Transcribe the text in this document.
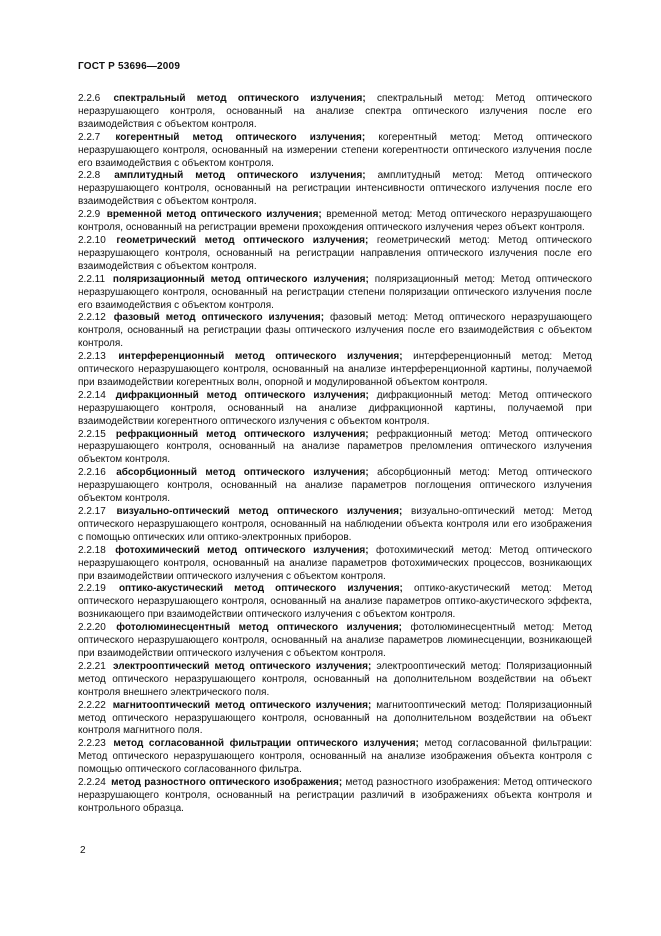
ГОСТ Р 53696—2009

2.2.6 спектральный метод оптического излучения; спектральный метод: Метод оптического неразрушающего контроля, основанный на анализе спектра оптического излучения после его взаимодействия с объектом контроля.

2.2.7 когерентный метод оптического излучения; когерентный метод: Метод оптического неразрушающего контроля, основанный на измерении степени когерентности оптического излучения после его взаимодействия с объектом контроля.

2.2.8 амплитудный метод оптического излучения; амплитудный метод: Метод оптического неразрушающего контроля, основанный на регистрации интенсивности оптического излучения после его взаимодействия с объектом контроля.

2.2.9 временной метод оптического излучения; временной метод: Метод оптического неразрушающего контроля, основанный на регистрации времени прохождения оптического излучения через объект контроля.

2.2.10 геометрический метод оптического излучения; геометрический метод: Метод оптического неразрушающего контроля, основанный на регистрации направления оптического излучения после его взаимодействия с объектом контроля.

2.2.11 поляризационный метод оптического излучения; поляризационный метод: Метод оптического неразрушающего контроля, основанный на регистрации степени поляризации оптического излучения после его взаимодействия с объектом контроля.

2.2.12 фазовый метод оптического излучения; фазовый метод: Метод оптического неразрушающего контроля, основанный на регистрации фазы оптического излучения после его взаимодействия с объектом контроля.

2.2.13 интерференционный метод оптического излучения; интерференционный метод: Метод оптического неразрушающего контроля, основанный на анализе интерференционной картины, получаемой при взаимодействии когерентных волн, опорной и модулированной объектом контроля.

2.2.14 дифракционный метод оптического излучения; дифракционный метод: Метод оптического неразрушающего контроля, основанный на анализе дифракционной картины, получаемой при взаимодействии когерентного оптического излучения с объектом контроля.

2.2.15 рефракционный метод оптического излучения; рефракционный метод: Метод оптического неразрушающего контроля, основанный на анализе параметров преломления оптического излучения объектом контроля.

2.2.16 абсорбционный метод оптического излучения; абсорбционный метод: Метод оптического неразрушающего контроля, основанный на анализе параметров поглощения оптического излучения объектом контроля.

2.2.17 визуально-оптический метод оптического излучения; визуально-оптический метод: Метод оптического неразрушающего контроля, основанный на наблюдении объекта контроля или его изображения с помощью оптических или оптико-электронных приборов.

2.2.18 фотохимический метод оптического излучения; фотохимический метод: Метод оптического неразрушающего контроля, основанный на анализе параметров фотохимических процессов, возникающих при взаимодействии оптического излучения с объектом контроля.

2.2.19 оптико-акустический метод оптического излучения; оптико-акустический метод: Метод оптического неразрушающего контроля, основанный на анализе параметров оптико-акустического эффекта, возникающего при взаимодействии оптического излучения с объектом контроля.

2.2.20 фотолюминесцентный метод оптического излучения; фотолюминесцентный метод: Метод оптического неразрушающего контроля, основанный на анализе параметров люминесценции, возникающей при взаимодействии оптического излучения с объектом контроля.

2.2.21 электрооптический метод оптического излучения; электрооптический метод: Поляризационный метод оптического неразрушающего контроля, основанный на дополнительном воздействии на объект контроля внешнего электрического поля.

2.2.22 магнитооптический метод оптического излучения; магнитооптический метод: Поляризационный метод оптического неразрушающего контроля, основанный на дополнительном воздействии на объект контроля магнитного поля.

2.2.23 метод согласованной фильтрации оптического излучения; метод согласованной фильтрации: Метод оптического неразрушающего контроля, основанный на анализе изображения объекта контроля с помощью оптического согласованного фильтра.

2.2.24 метод разностного оптического изображения; метод разностного изображения: Метод оптического неразрушающего контроля, основанный на регистрации различий в изображениях объекта контроля и контрольного образца.

2
